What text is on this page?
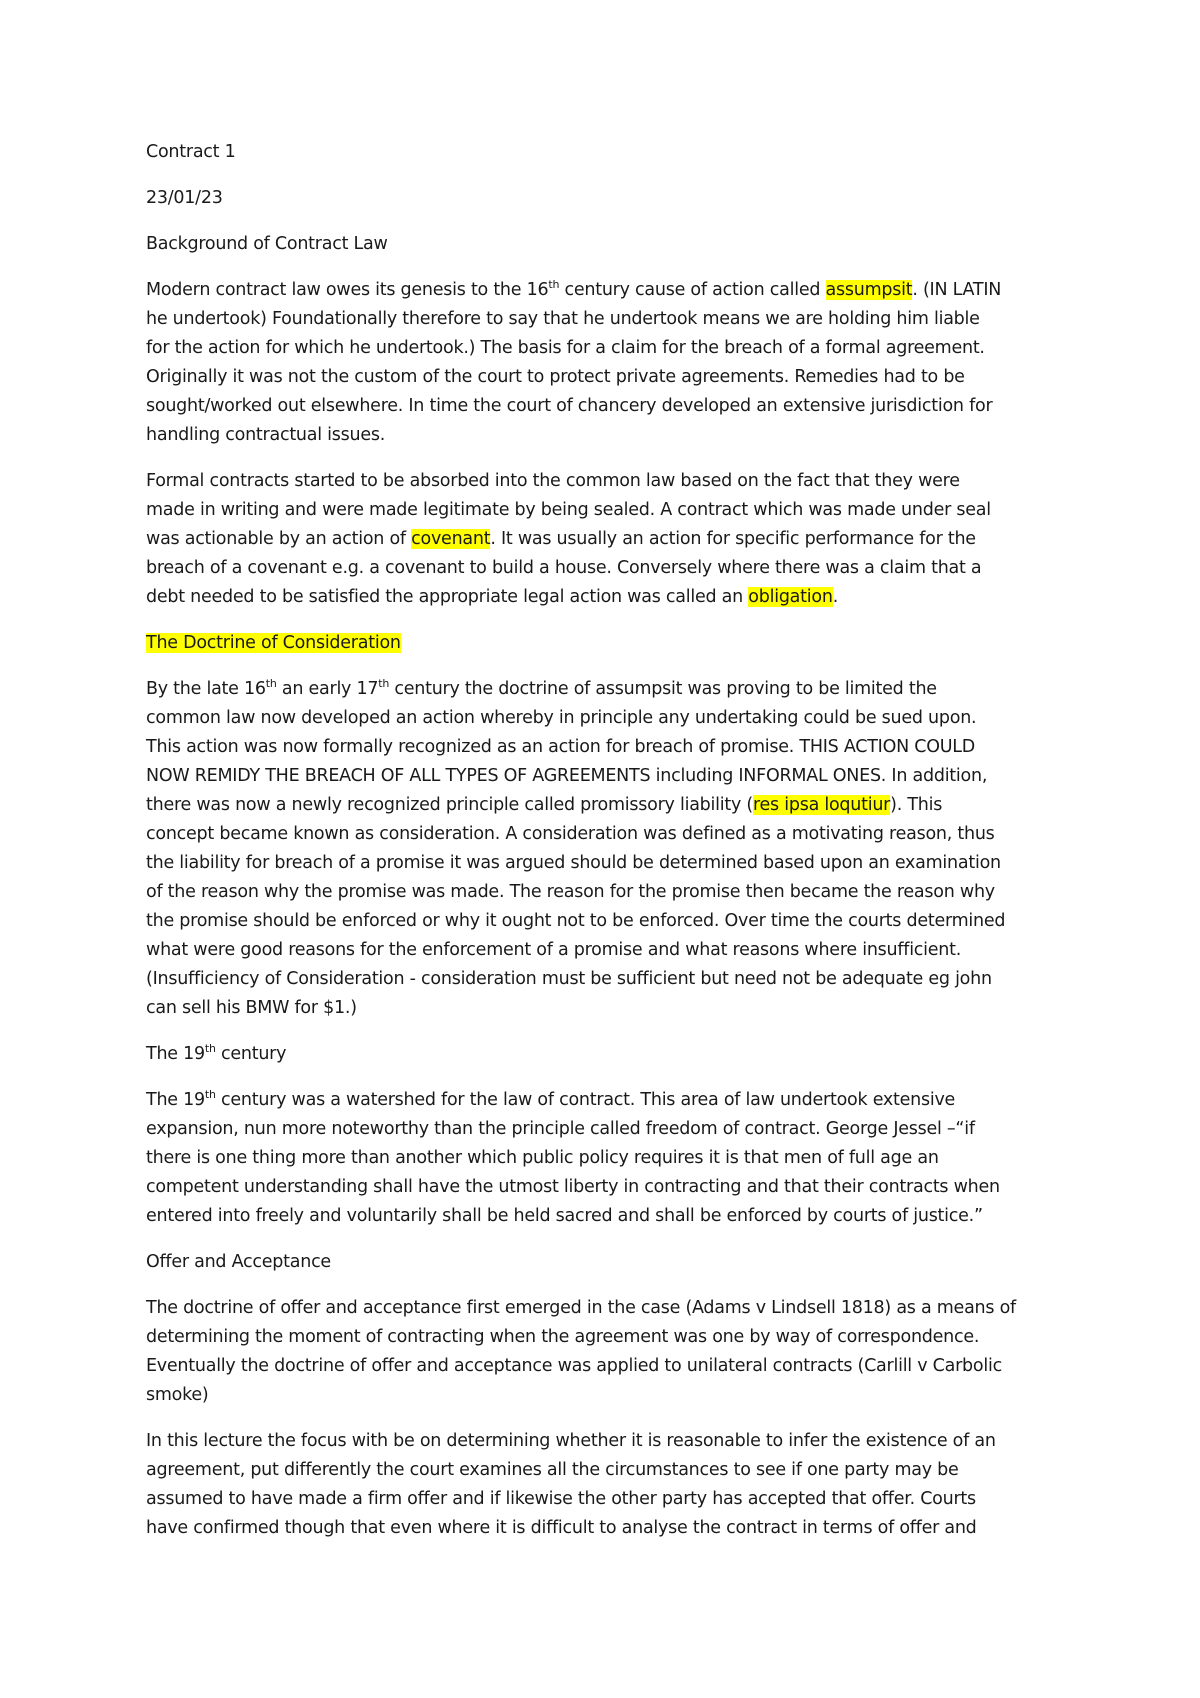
Contract 1
23/01/23
Background of Contract Law
Modern contract law owes its genesis to the 16th century cause of action called assumpsit. (IN LATIN
he undertook) Foundationally therefore to say that he undertook means we are holding him liable
for the action for which he undertook.) The basis for a claim for the breach of a formal agreement.
Originally it was not the custom of the court to protect private agreements. Remedies had to be
sought/worked out elsewhere. In time the court of chancery developed an extensive jurisdiction for
handling contractual issues.
Formal contracts started to be absorbed into the common law based on the fact that they were
made in writing and were made legitimate by being sealed. A contract which was made under seal
was actionable by an action of covenant. It was usually an action for specific performance for the
breach of a covenant e.g. a covenant to build a house. Conversely where there was a claim that a
debt needed to be satisfied the appropriate legal action was called an obligation.
The Doctrine of Consideration
By the late 16th an early 17th century the doctrine of assumpsit was proving to be limited the
common law now developed an action whereby in principle any undertaking could be sued upon.
This action was now formally recognized as an action for breach of promise. THIS ACTION COULD
NOW REMIDY THE BREACH OF ALL TYPES OF AGREEMENTS including INFORMAL ONES. In addition,
there was now a newly recognized principle called promissory liability (res ipsa loqutiur). This
concept became known as consideration. A consideration was defined as a motivating reason, thus
the liability for breach of a promise it was argued should be determined based upon an examination
of the reason why the promise was made. The reason for the promise then became the reason why
the promise should be enforced or why it ought not to be enforced. Over time the courts determined
what were good reasons for the enforcement of a promise and what reasons where insufficient.
(Insufficiency of Consideration - consideration must be sufficient but need not be adequate eg john
can sell his BMW for $1.)
The 19th century
The 19th century was a watershed for the law of contract. This area of law undertook extensive
expansion, nun more noteworthy than the principle called freedom of contract. George Jessel –“if
there is one thing more than another which public policy requires it is that men of full age an
competent understanding shall have the utmost liberty in contracting and that their contracts when
entered into freely and voluntarily shall be held sacred and shall be enforced by courts of justice.”
Offer and Acceptance
The doctrine of offer and acceptance first emerged in the case (Adams v Lindsell 1818) as a means of
determining the moment of contracting when the agreement was one by way of correspondence.
Eventually the doctrine of offer and acceptance was applied to unilateral contracts (Carlill v Carbolic
smoke)
In this lecture the focus with be on determining whether it is reasonable to infer the existence of an
agreement, put differently the court examines all the circumstances to see if one party may be
assumed to have made a firm offer and if likewise the other party has accepted that offer. Courts
have confirmed though that even where it is difficult to analyse the contract in terms of offer and
